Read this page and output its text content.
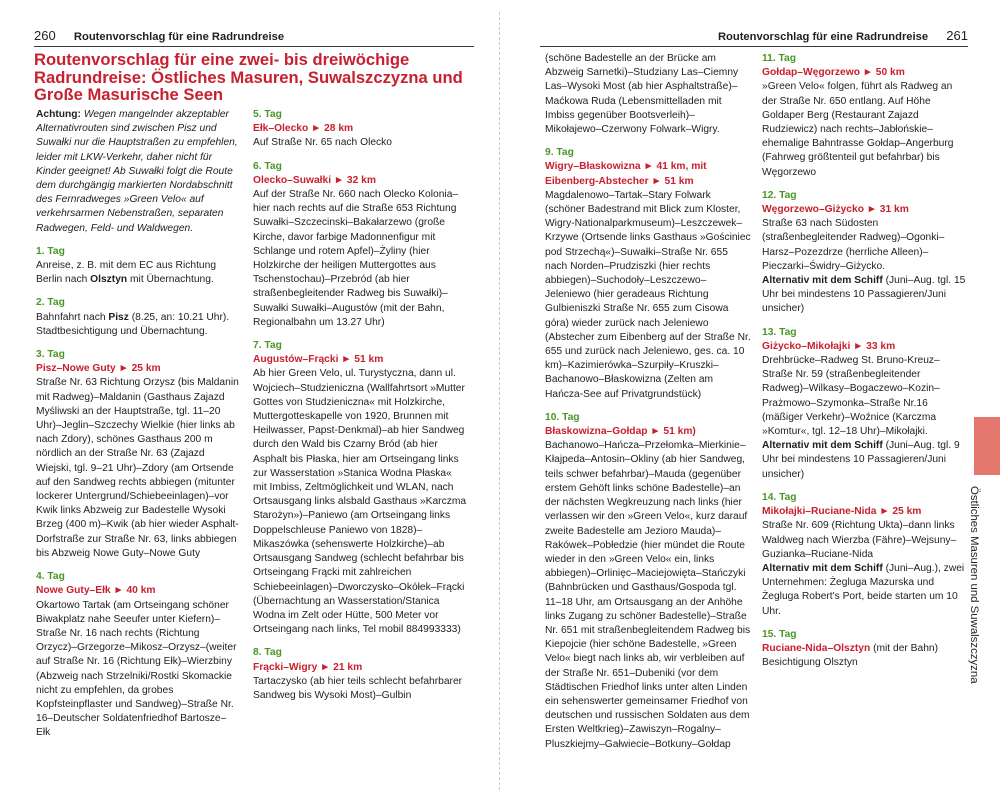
260 Routenvorschlag für eine Radrundreise	Routenvorschlag für eine Radrundreise 261

Routenvorschlag für eine zwei- bis dreiwöchige Radrundreise: Östliches Masuren, Suwalszczyzna und Große Masurische Seen

Achtung: Wegen mangelnder akzeptabler Alternativrouten sind zwischen Pisz und Suwałki nur die Hauptstraßen zu empfehlen, leider mit LKW-Verkehr, daher nicht für Kinder geeignet! Ab Suwałki folgt die Route dem durchgängig markierten Nordabschnitt des Fernradweges »Green Velo« auf verkehrsarmen Nebenstraßen, separaten Radwegen, Feld- und Waldwegen.

1. Tag

Anreise, z. B. mit dem EC aus Richtung Berlin nach Olsztyn mit Übernachtung.

2. Tag

Bahnfahrt nach Pisz (8.25, an: 10.21 Uhr). Stadtbesichtigung und Übernachtung.

3. Tag
Pisz–Nowe Guty ► 25 km

Straße Nr. 63 Richtung Orzysz (bis Maldanin mit Radweg)–Maldanin (Gasthaus Zajazd Myśliwski an der Hauptstraße, tgl. 11–20 Uhr)–Jeglin–Szczechy Wielkie (hier links ab nach Zdory), schönes Gasthaus 200 m nördlich an der Straße Nr. 63 (Zajazd Wiejski, tgl. 9–21 Uhr)–Zdory (am Ortsende auf den Sandweg rechts abbiegen (mitunter lockerer Untergrund/Schiebeeinlagen)–vor Kwik links Abzweig zur Badestelle Wysoki Brzeg (400 m)–Kwik (ab hier wieder Asphalt- Dorfstraße zur Straße Nr. 63, links abbiegen bis Abzweig Nowe Guty–Nowe Guty

4. Tag
Nowe Guty–Ełk ► 40 km

Okartowo Tartak (am Ortseingang schöner Biwakplatz nahe Seeufer unter Kiefern)–Straße Nr. 16 nach rechts (Richtung Orzycz)–Grzegorze–Mikosz–Orzysz–(weiter auf Straße Nr. 16 (Richtung Ełk)–Wierzbiny (Abzweig nach Strzelniki/Rostki Skomackie nicht zu empfehlen, da grobes Kopfsteinpflaster und Sandweg)–Straße Nr. 16–Deutscher Soldatenfriedhof Bartosze–Ełk

5. Tag
Ełk–Olecko ► 28 km

Auf Straße Nr. 65 nach Olecko

6. Tag
Olecko–Suwałki ► 32 km

Auf der Straße Nr. 660 nach Olecko Kolonia–hier nach rechts auf die Straße 653 Richtung Suwałki–Szczecinski–Bakałarzewo (große Kirche, davor farbige Madonnenfigur mit Schlange und rotem Apfel)–Żyliny (hier Holzkirche der heiligen Muttergottes aus Tschenstochau)–Przebród (ab hier straßenbegleitender Radweg bis Suwałki)–Suwałki Suwałki–Augustów (mit der Bahn, Regionalbahn um 13.27 Uhr)

7. Tag
Augustów–Frącki ► 51 km

Ab hier Green Velo, ul. Turystyczna, dann ul. Wojciech–Studzieniczna (Wallfahrtsort »Mutter Gottes von Studzieniczna« mit Holzkirche, Muttergotteskapelle von 1920, Brunnen mit Heilwasser, Papst-Denkmal)–ab hier Sandweg durch den Wald bis Czarny Bród (ab hier Asphalt bis Płaska, hier am Ortseingang links zur Wasserstation »Stanica Wodna Płaska« mit Imbiss, Zeltmöglichkeit und WLAN, nach Ortsausgang links alsbald Gasthaus »Karczma Starożyn»)–Paniewo (am Ortseingang links Doppelschleuse Paniewo von 1828)–Mikaszówka (sehenswerte Holzkirche)–ab Ortsausgang Sandweg (schlecht befahrbar bis Ortseingang Frącki mit zahlreichen Schiebeeinlagen)–Dworczysko–Okółek–Frącki (Übernachtung an Wasserstation/Stanica Wodna im Zelt oder Hütte, 500 Meter vor Ortseingang nach links, Tel mobil 884993333)

8. Tag
Frącki–Wigry ► 21 km

Tartaczysko (ab hier teils schlecht befahrbarer Sandweg bis Wysoki Most)–Gulbin

(schöne Badestelle an der Brücke am Abzweig Sarnetki)–Studziany Las–Ciemny Las–Wysoki Most (ab hier Asphaltstraße)–Maćkowa Ruda (Lebensmittelladen mit Imbiss gegenüber Bootsverleih)–Mikołajewo–Czerwony Folwark–Wigry.

9. Tag
Wigry–Błaskowizna ► 41 km, mit Eibenberg-Abstecher ► 51 km

Magdalenowo–Tartak–Stary Folwark (schöner Badestrand mit Blick zum Kloster, Wigry-Nationalparkmuseum)–Leszczewek–Krzywe (Ortsende links Gasthaus »Gościniec pod Strzechą«)–Suwałki–Straße Nr. 655 nach Norden–Prudziszki (hier rechts abbiegen)–Suchodoły–Leszczewo–Jeleniewo (hier geradeaus Richtung Gulbieniszki Straße Nr. 655 zum Cisowa góra) wieder zurück nach Jeleniewo (Abstecher zum Eibenberg auf der Straße Nr. 655 und zurück nach Jeleniewo, ges. ca. 10 km)–Kazimierówka–Szurpiły–Kruszki–Bachanowo–Błaskowizna (Zelten am Hańcza-See auf Privatgrundstück)

10. Tag
Błaskowizna–Gołdap ► 51 km)

Bachanowo–Hańcza–Przełomka–Mierkinie–Kłajpeda–Antosin–Okliny (ab hier Sandweg, teils schwer befahrbar)–Mauda (gegenüber erstem Gehöft links schöne Badestelle)–an der nächsten Wegkreuzung nach links (hier verlassen wir den »Green Velo«, kurz darauf zweite Badestelle am Jezioro Mauda)–Rakówek–Pobłedzie (hier mündet die Route wieder in den »Green Velo« ein, links abbiegen)–Orlinięc–Maciejowięta–Stańczyki (Bahnbrücken und Gasthaus/Gospoda tgl. 11–18 Uhr, am Ortsausgang an der Anhöhe links Zugang zu schöner Badestelle)–Straße Nr. 651 mit straßenbegleitendem Radweg bis Kiepojcie (hier schöne Badestelle, »Green Velo« biegt nach links ab, wir verbleiben auf der Straße Nr. 651–Dubeniki (vor dem Städtischen Friedhof links unter alten Linden ein sehenswerter gemeinsamer Friedhof von deutschen und russischen Soldaten aus dem Ersten Weltkrieg)–Zawiszyn–Rogalny–Pluszkiejmy–Gałwiecie–Botkuny–Gołdap

11. Tag
Gołdap–Węgorzewo ► 50 km

»Green Velo« folgen, führt als Radweg an der Straße Nr. 650 entlang. Auf Höhe Goldaper Berg (Restaurant Zajazd Rudziewicz) nach rechts–Jabłońskie–ehemalige Bahntrasse Gołdap–Angerburg (Fahrweg größtenteil gut befahrbar) bis Węgorzewo

12. Tag
Węgorzewo–Giżycko ► 31 km

Straße 63 nach Südosten (straßenbegleitender Radweg)–Ogonki–Harsz–Pozezdrze (herrliche Alleen)–Pieczarki–Świdry–Giżycko.

Alternativ mit dem Schiff (Juni–Aug. tgl. 15 Uhr bei mindestens 10 Passagieren/Juni unsicher)

13. Tag
Giżycko–Mikołajki ► 33 km

Drehbrücke–Radweg St. Bruno-Kreuz–Straße Nr. 59 (straßenbegleitender Radweg)–Wilkasy–Bogaczewo–Kozin–Prażmowo–Szymonka–Straße Nr.16 (mäßiger Verkehr)–Woźnice (Karczma »Komtur«, tgl. 12–18 Uhr)–Mikołajki.

Alternativ mit dem Schiff (Juni–Aug. tgl. 9 Uhr bei mindestens 10 Passagieren/Juni unsicher)

14. Tag
Mikołajki–Ruciane-Nida ► 25 km

Straße Nr. 609 (Richtung Ukta)–dann links Waldweg nach Wierzba (Fähre)–Wejsuny–Guzianka–Ruciane-Nida

Alternativ mit dem Schiff (Juni–Aug.), zwei Unternehmen: Żegluga Mazurska und Żegluga Robert's Port, beide starten um 10 Uhr.

15. Tag

Ruciane-Nida–Olsztyn (mit der Bahn) Besichtigung Olsztyn	Östliches Masuren und Suwalszczyzna
